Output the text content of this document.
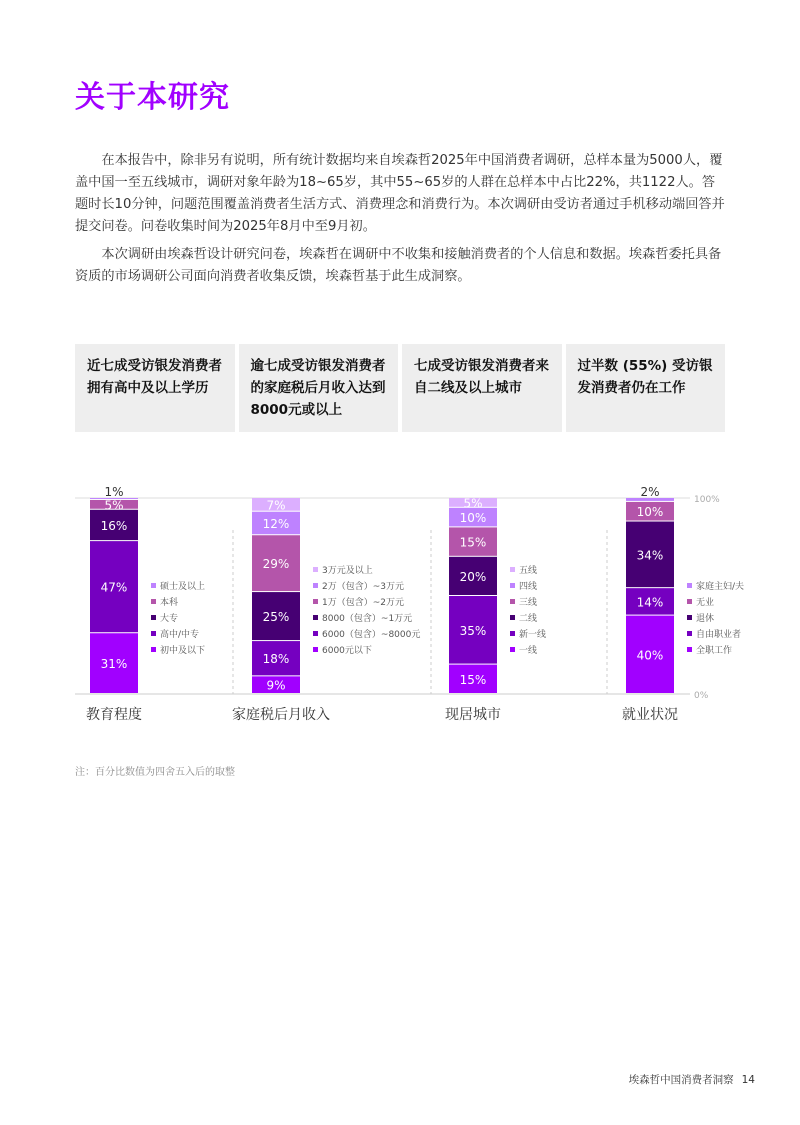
关于本研究
在本报告中，除非另有说明，所有统计数据均来自埃森哲2025年中国消费者调研，总样本量为5000人，覆盖中国一至五线城市，调研对象年龄为18~65岁，其中55~65岁的人群在总样本中占比22%，共1122人。答题时长10分钟，问题范围覆盖消费者生活方式、消费理念和消费行为。本次调研由受访者通过手机移动端回答并提交问卷。问卷收集时间为2025年8月中至9月初。
本次调研由埃森哲设计研究问卷，埃森哲在调研中不收集和接触消费者的个人信息和数据。埃森哲委托具备资质的市场调研公司面向消费者收集反馈，埃森哲基于此生成洞察。
近七成受访银发消费者拥有高中及以上学历
逾七成受访银发消费者的家庭税后月收入达到8000元或以上
七成受访银发消费者来自二线及以上城市
过半数 (55%) 受访银发消费者仍在工作
100%
0%
31%
47%
16%
5%
1%
初中及以下
高中/中专
大专
本科
硕士及以上
教育程度
9%
18%
25%
29%
12%
7%
6000元以下
6000（包含）~8000元
8000（包含）~1万元
1万（包含）~2万元
2万（包含）~3万元
3万元及以上
家庭税后月收入
15%
35%
20%
15%
10%
5%
一线
新一线
二线
三线
四线
五线
现居城市
40%
14%
34%
10%
2%
全职工作
自由职业者
退休
无业
家庭主妇/夫
就业状况
注：百分比数值为四舍五入后的取整
埃森哲中国消费者洞察 14
